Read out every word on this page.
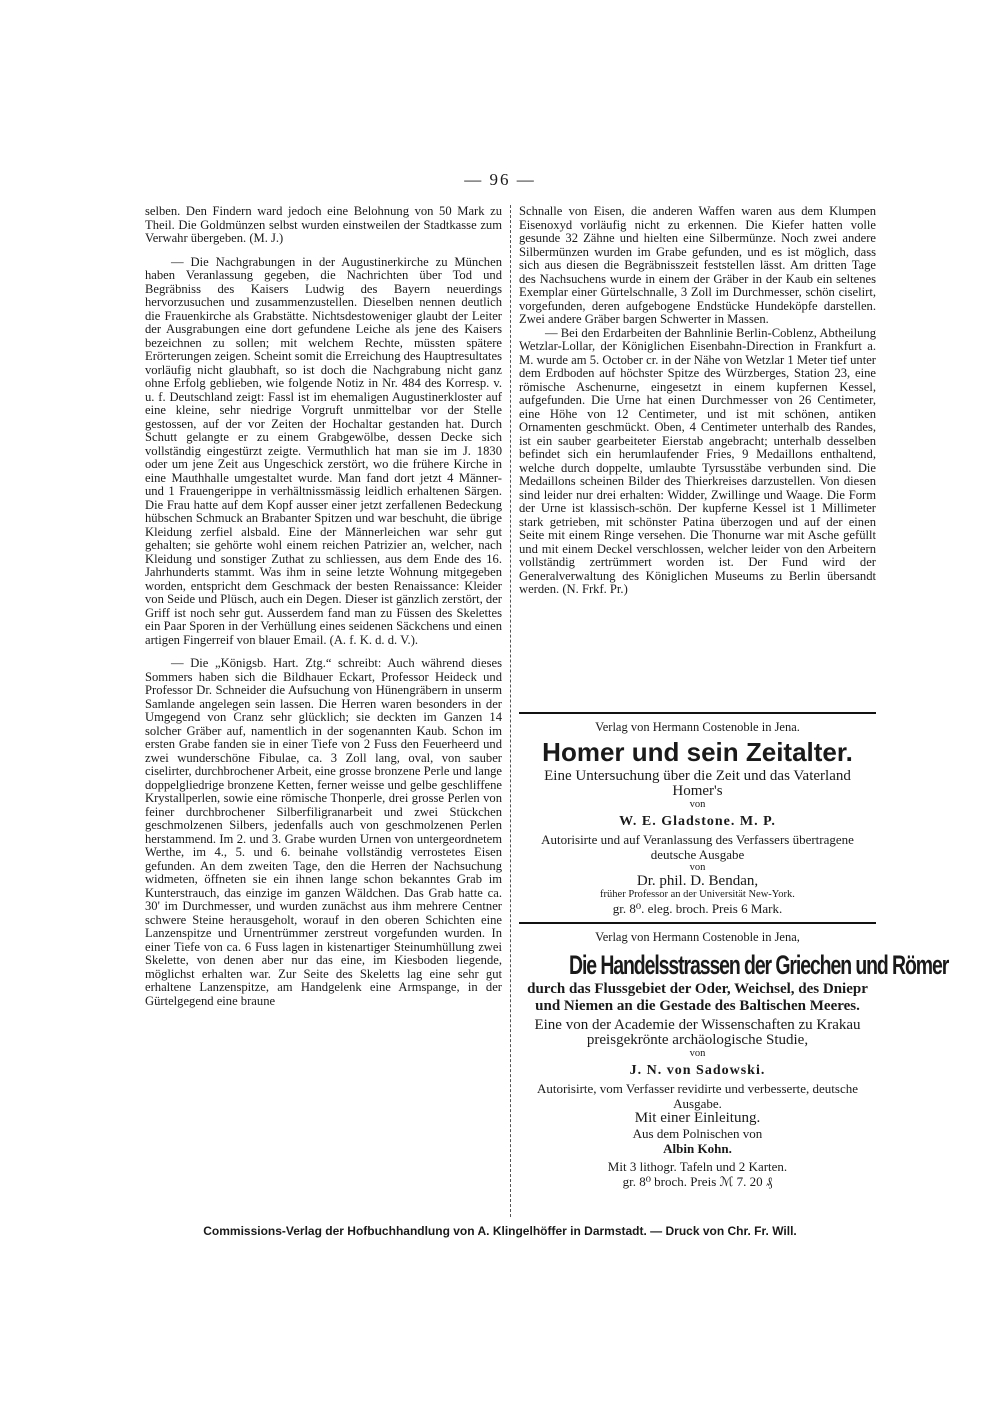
— 96 —

selben. Den Findern ward jedoch eine Belohnung von 50 Mark zu Theil. Die Goldmünzen selbst wurden einstweilen der Stadtkasse zum Verwahr übergeben. (M. J.)

— Die Nachgrabungen in der Augustinerkirche zu München haben Veranlassung gegeben, die Nachrichten über Tod und Begräbniss des Kaisers Ludwig des Bayern neuerdings hervorzusuchen und zusammenzustellen. Dieselben nennen deutlich die Frauenkirche als Grabstätte. Nichtsdestoweniger glaubt der Leiter der Ausgrabungen eine dort gefundene Leiche als jene des Kaisers bezeichnen zu sollen; mit welchem Rechte, müssten spätere Erörterungen zeigen. Scheint somit die Erreichung des Hauptresultates vorläufig nicht glaubhaft, so ist doch die Nachgrabung nicht ganz ohne Erfolg geblieben, wie folgende Notiz in Nr. 484 des Korresp. v. u. f. Deutschland zeigt: Fassl ist im ehemaligen Augustinerkloster auf eine kleine, sehr niedrige Vorgruft unmittelbar vor der Stelle gestossen, auf der vor Zeiten der Hochaltar gestanden hat. Durch Schutt gelangte er zu einem Grabgewölbe, dessen Decke sich vollständig eingestürzt zeigte. Vermuthlich hat man sie im J. 1830 oder um jene Zeit aus Ungeschick zerstört, wo die frühere Kirche in eine Mauthhalle umgestaltet wurde. Man fand dort jetzt 4 Männer- und 1 Frauengerippe in verhältnissmässig leidlich erhaltenen Särgen. Die Frau hatte auf dem Kopf ausser einer jetzt zerfallenen Bedeckung hübschen Schmuck an Brabanter Spitzen und war beschuht, die übrige Kleidung zerfiel alsbald. Eine der Männerleichen war sehr gut gehalten; sie gehörte wohl einem reichen Patrizier an, welcher, nach Kleidung und sonstiger Zuthat zu schliessen, aus dem Ende des 16. Jahrhunderts stammt. Was ihm in seine letzte Wohnung mitgegeben worden, entspricht dem Geschmack der besten Renaissance: Kleider von Seide und Plüsch, auch ein Degen. Dieser ist gänzlich zerstört, der Griff ist noch sehr gut. Ausserdem fand man zu Füssen des Skelettes ein Paar Sporen in der Verhüllung eines seidenen Säckchens und einen artigen Fingerreif von blauer Email. (A. f. K. d. d. V.).

— Die „Königsb. Hart. Ztg.“ schreibt: Auch während dieses Sommers haben sich die Bildhauer Eckart, Professor Heideck und Professor Dr. Schneider die Aufsuchung von Hünengräbern in unserm Samlande angelegen sein lassen. Die Herren waren besonders in der Umgegend von Cranz sehr glücklich; sie deckten im Ganzen 14 solcher Gräber auf, namentlich in der sogenannten Kaub. Schon im ersten Grabe fanden sie in einer Tiefe von 2 Fuss den Feuerheerd und zwei wunderschöne Fibulae, ca. 3 Zoll lang, oval, von sauber ciselirter, durchbrochener Arbeit, eine grosse bronzene Perle und lange doppelgliedrige bronzene Ketten, ferner weisse und gelbe geschliffene Krystallperlen, sowie eine römische Thonperle, drei grosse Perlen von feiner durchbrochener Silberfiligranarbeit und zwei Stückchen geschmolzenen Silbers, jedenfalls auch von geschmolzenen Perlen herstammend. Im 2. und 3. Grabe wurden Urnen von untergeordnetem Werthe, im 4., 5. und 6. beinahe vollständig verrostetes Eisen gefunden. An dem zweiten Tage, den die Herren der Nachsuchung widmeten, öffneten sie ein ihnen lange schon bekanntes Grab im Kunterstrauch, das einzige im ganzen Wäldchen. Das Grab hatte ca. 30' im Durchmesser, und wurden zunächst aus ihm mehrere Centner schwere Steine herausgeholt, worauf in den oberen Schichten eine Lanzenspitze und Urnentrümmer zerstreut vorgefunden wurden. In einer Tiefe von ca. 6 Fuss lagen in kistenartiger Steinumhüllung zwei Skelette, von denen aber nur das eine, im Kiesboden liegende, möglichst erhalten war. Zur Seite des Skeletts lag eine sehr gut erhaltene Lanzenspitze, am Handgelenk eine Armspange, in der Gürtelgegend eine braune

Schnalle von Eisen, die anderen Waffen waren aus dem Klumpen Eisenoxyd vorläufig nicht zu erkennen. Die Kiefer hatten volle gesunde 32 Zähne und hielten eine Silbermünze. Noch zwei andere Silbermünzen wurden im Grabe gefunden, und es ist möglich, dass sich aus diesen die Begräbnisszeit feststellen lässt. Am dritten Tage des Nachsuchens wurde in einem der Gräber in der Kaub ein seltenes Exemplar einer Gürtelschnalle, 3 Zoll im Durchmesser, schön ciselirt, vorgefunden, deren aufgebogene Endstücke Hundeköpfe darstellen. Zwei andere Gräber bargen Schwerter in Massen.

— Bei den Erdarbeiten der Bahnlinie Berlin-Coblenz, Abtheilung Wetzlar-Lollar, der Königlichen Eisenbahn-Direction in Frankfurt a. M. wurde am 5. October cr. in der Nähe von Wetzlar 1 Meter tief unter dem Erdboden auf höchster Spitze des Würzberges, Station 23, eine römische Aschenurne, eingesetzt in einem kupfernen Kessel, aufgefunden. Die Urne hat einen Durchmesser von 26 Centimeter, eine Höhe von 12 Centimeter, und ist mit schönen, antiken Ornamenten geschmückt. Oben, 4 Centimeter unterhalb des Randes, ist ein sauber gearbeiteter Eierstab angebracht; unterhalb desselben befindet sich ein herumlaufender Fries, 9 Medaillons enthaltend, welche durch doppelte, umlaubte Tyrsusstäbe verbunden sind. Die Medaillons scheinen Bilder des Thierkreises darzustellen. Von diesen sind leider nur drei erhalten: Widder, Zwillinge und Waage. Die Form der Urne ist klassisch-schön. Der kupferne Kessel ist 1 Millimeter stark getrieben, mit schönster Patina überzogen und auf der einen Seite mit einem Ringe versehen. Die Thonurne war mit Asche gefüllt und mit einem Deckel verschlossen, welcher leider von den Arbeitern vollständig zertrümmert worden ist. Der Fund wird der Generalverwaltung des Königlichen Museums zu Berlin übersandt werden. (N. Frkf. Pr.)

Verlag von Hermann Costenoble in Jena.
Homer und sein Zeitalter.
Eine Untersuchung über die Zeit und das Vaterland Homer's
von
W. E. Gladstone. M. P.
Autorisirte und auf Veranlassung des Verfassers übertragene deutsche Ausgabe
von
Dr. phil. D. Bendan,
früher Professor an der Universität New-York.
gr. 8⁰. eleg. broch. Preis 6 Mark.
Verlag von Hermann Costenoble in Jena,
Die Handelsstrassen der Griechen und Römer
durch das Flussgebiet der Oder, Weichsel, des Dniepr und Niemen an die Gestade des Baltischen Meeres.
Eine von der Academie der Wissenschaften zu Krakau preisgekrönte archäologische Studie,
von
J. N. von Sadowski.
Autorisirte, vom Verfasser revidirte und verbesserte, deutsche Ausgabe.
Mit einer Einleitung.
Aus dem Polnischen von
Albin Kohn.
Mit 3 lithogr. Tafeln und 2 Karten.
gr. 8⁰ broch. Preis ℳ 7. 20 ₰
Commissions-Verlag der Hofbuchhandlung von A. Klingelhöffer in Darmstadt. — Druck von Chr. Fr. Will.
